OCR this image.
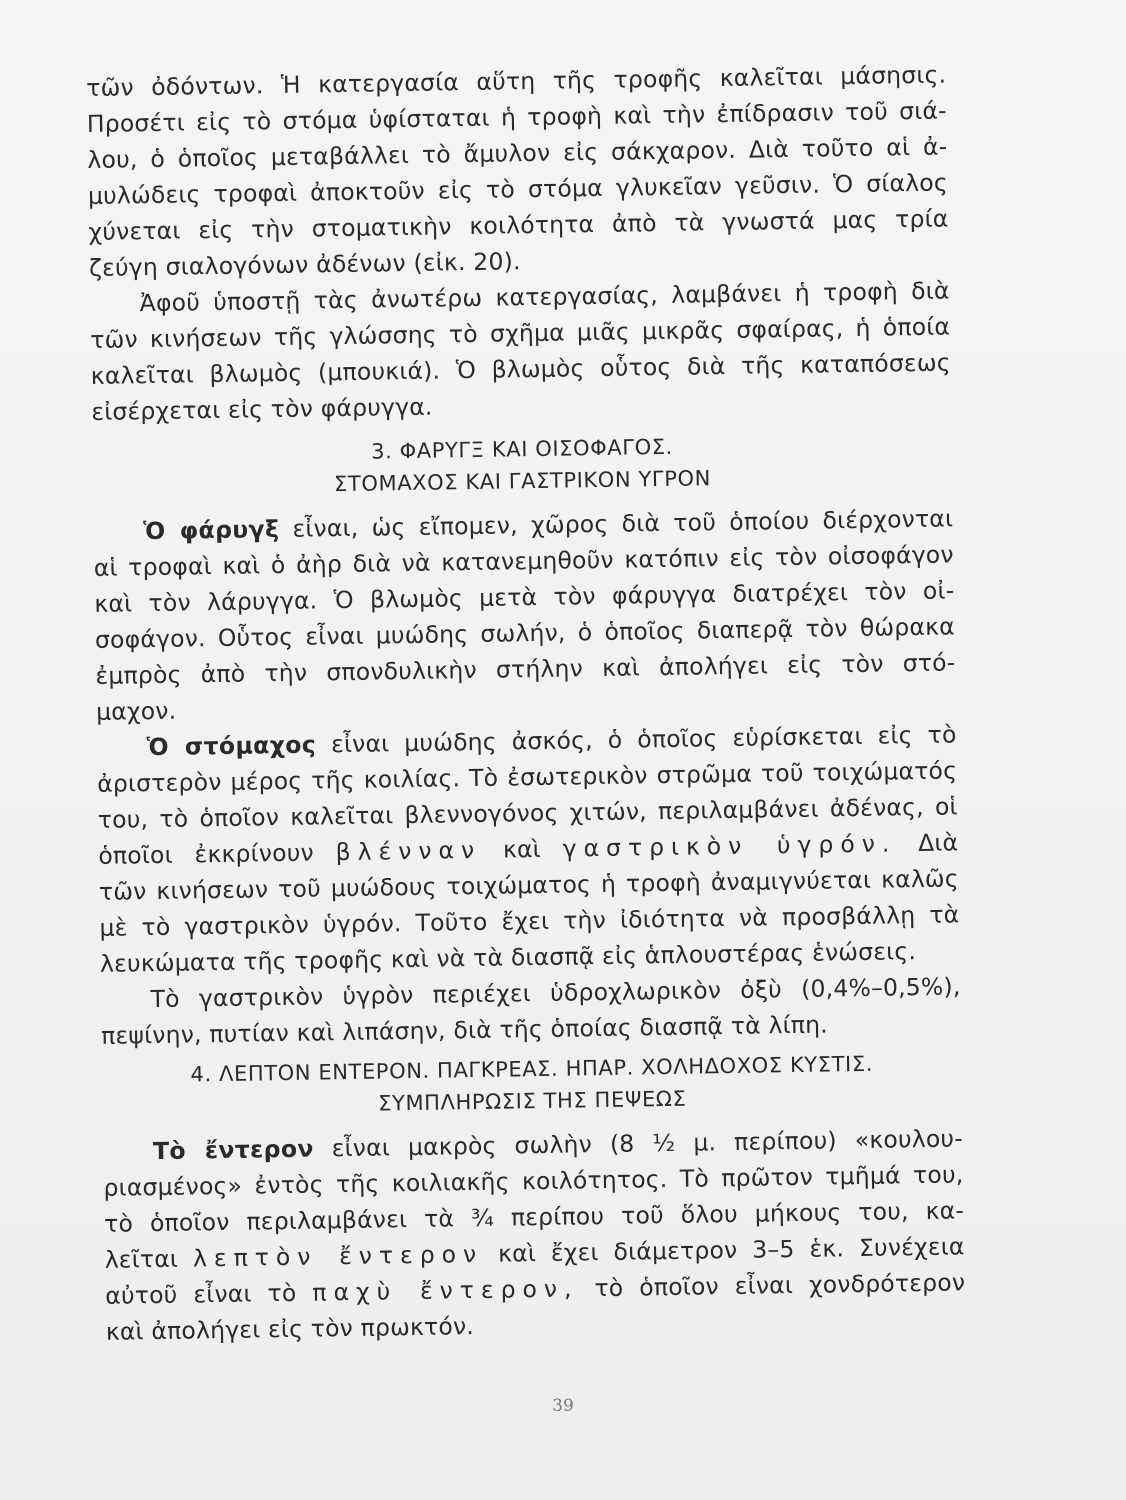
τῶν ὀδόντων. Ἡ κατεργασία αὕτη τῆς τροφῆς καλεῖται μάσησις.
Προσέτι εἰς τὸ στόμα ὑφίσταται ἡ τροφὴ καὶ τὴν ἐπίδρασιν τοῦ σιά-
λου, ὁ ὁποῖος μεταβάλλει τὸ ἄμυλον εἰς σάκχαρον. Διὰ τοῦτο αἱ ἀ-
μυλώδεις τροφαὶ ἀποκτοῦν εἰς τὸ στόμα γλυκεῖαν γεῦσιν. Ὁ σίαλος
χύνεται εἰς τὴν στοματικὴν κοιλότητα ἀπὸ τὰ γνωστά μας τρία
ζεύγη σιαλογόνων ἀδένων (εἰκ. 20).
Ἀφοῦ ὑποστῇ τὰς ἀνωτέρω κατεργασίας, λαμβάνει ἡ τροφὴ διὰ
τῶν κινήσεων τῆς γλώσσης τὸ σχῆμα μιᾶς μικρᾶς σφαίρας, ἡ ὁποία
καλεῖται βλωμὸς (μπουκιά). Ὁ βλωμὸς οὗτος διὰ τῆς καταπόσεως
εἰσέρχεται εἰς τὸν φάρυγγα.
3. ΦΑΡΥΓΞ ΚΑΙ ΟΙΣΟΦΑΓΟΣ.
ΣΤΟΜΑΧΟΣ ΚΑΙ ΓΑΣΤΡΙΚΟΝ ΥΓΡΟΝ
Ὁ φάρυγξ εἶναι, ὡς εἴπομεν, χῶρος διὰ τοῦ ὁποίου διέρχονται
αἱ τροφαὶ καὶ ὁ ἀὴρ διὰ νὰ κατανεμηθοῦν κατόπιν εἰς τὸν οἰσοφάγον
καὶ τὸν λάρυγγα. Ὁ βλωμὸς μετὰ τὸν φάρυγγα διατρέχει τὸν οἰ-
σοφάγον. Οὗτος εἶναι μυώδης σωλήν, ὁ ὁποῖος διαπερᾷ τὸν θώρακα
ἐμπρὸς ἀπὸ τὴν σπονδυλικὴν στήλην καὶ ἀπολήγει εἰς τὸν στό-
μαχον.
Ὁ στόμαχος εἶναι μυώδης ἀσκός, ὁ ὁποῖος εὑρίσκεται εἰς τὸ
ἀριστερὸν μέρος τῆς κοιλίας. Τὸ ἐσωτερικὸν στρῶμα τοῦ τοιχώματός
του, τὸ ὁποῖον καλεῖται βλεννογόνος χιτών, περιλαμβάνει ἀδένας, οἱ
ὁποῖοι ἐκκρίνουν βλένναν καὶ γαστρικὸν ὑγρόν. Διὰ
τῶν κινήσεων τοῦ μυώδους τοιχώματος ἡ τροφὴ ἀναμιγνύεται καλῶς
μὲ τὸ γαστρικὸν ὑγρόν. Τοῦτο ἔχει τὴν ἰδιότητα νὰ προσβάλλῃ τὰ
λευκώματα τῆς τροφῆς καὶ νὰ τὰ διασπᾷ εἰς ἁπλουστέρας ἑνώσεις.
Τὸ γαστρικὸν ὑγρὸν περιέχει ὑδροχλωρικὸν ὀξὺ (0,4%–0,5%),
πεψίνην, πυτίαν καὶ λιπάσην, διὰ τῆς ὁποίας διασπᾷ τὰ λίπη.
4. ΛΕΠΤΟΝ ΕΝΤΕΡΟΝ. ΠΑΓΚΡΕΑΣ. ΗΠΑΡ. ΧΟΛΗΔΟΧΟΣ ΚΥΣΤΙΣ.
ΣΥΜΠΛΗΡΩΣΙΣ ΤΗΣ ΠΕΨΕΩΣ
Τὸ ἔντερον εἶναι μακρὸς σωλὴν (8 ½ μ. περίπου) «κουλου-
ριασμένος» ἐντὸς τῆς κοιλιακῆς κοιλότητος. Τὸ πρῶτον τμῆμά του,
τὸ ὁποῖον περιλαμβάνει τὰ ¾ περίπου τοῦ ὅλου μήκους του, κα-
λεῖται λεπτὸν ἔντερον καὶ ἔχει διάμετρον 3–5 ἑκ. Συνέχεια
αὐτοῦ εἶναι τὸ παχὺ ἔντερον, τὸ ὁποῖον εἶναι χονδρότερον
καὶ ἀπολήγει εἰς τὸν πρωκτόν.
39
